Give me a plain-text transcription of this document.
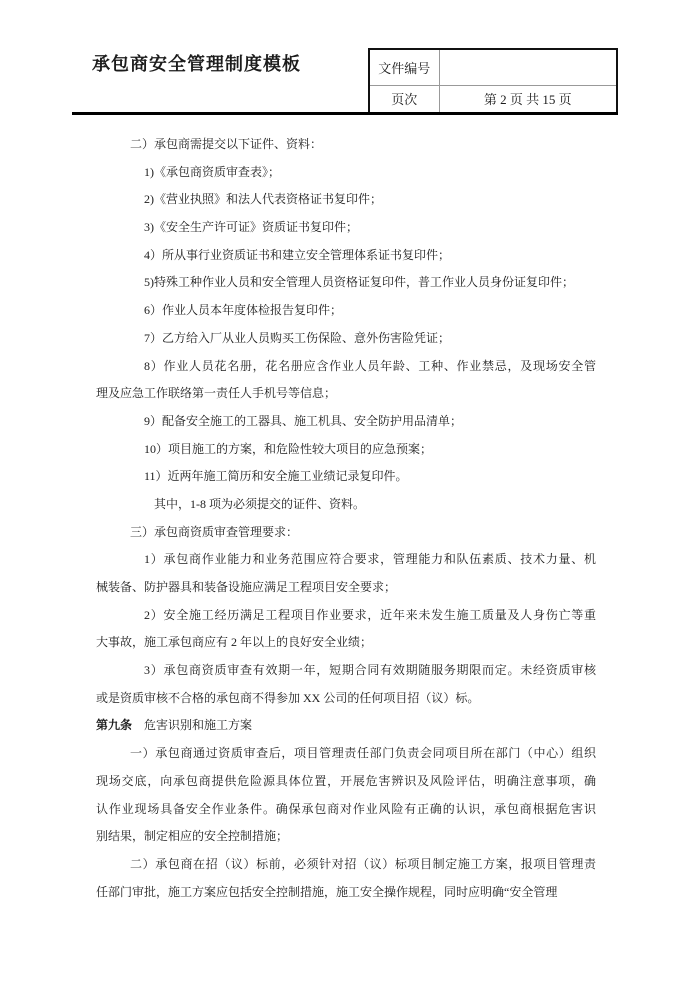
承包商安全管理制度模板	文件编号	
页次	第 2 页 共 15 页
二）承包商需提交以下证件、资料：
1)《承包商资质审查表》；
2)《营业执照》和法人代表资格证书复印件；
3)《安全生产许可证》资质证书复印件；
4）所从事行业资质证书和建立安全管理体系证书复印件；
5)特殊工种作业人员和安全管理人员资格证复印件，普工作业人员身份证复印件；
6）作业人员本年度体检报告复印件；
7）乙方给入厂从业人员购买工伤保险、意外伤害险凭证；
8）作业人员花名册，花名册应含作业人员年龄、工种、作业禁忌，及现场安全管
理及应急工作联络第一责任人手机号等信息；
9）配备安全施工的工器具、施工机具、安全防护用品清单；
10）项目施工的方案，和危险性较大项目的应急预案；
11）近两年施工简历和安全施工业绩记录复印件。
其中，1-8 项为必须提交的证件、资料。
三）承包商资质审查管理要求：
1）承包商作业能力和业务范围应符合要求，管理能力和队伍素质、技术力量、机
械装备、防护器具和装备设施应满足工程项目安全要求；
2）安全施工经历满足工程项目作业要求，近年来未发生施工质量及人身伤亡等重
大事故，施工承包商应有 2 年以上的良好安全业绩；
3）承包商资质审查有效期一年，短期合同有效期随服务期限而定。未经资质审核
或是资质审核不合格的承包商不得参加 XX 公司的任何项目招（议）标。
第九条 危害识别和施工方案
一）承包商通过资质审查后，项目管理责任部门负责会同项目所在部门（中心）组织
现场交底，向承包商提供危险源具体位置，开展危害辨识及风险评估，明确注意事项，确
认作业现场具备安全作业条件。确保承包商对作业风险有正确的认识，承包商根据危害识
别结果，制定相应的安全控制措施；
二）承包商在招（议）标前，必须针对招（议）标项目制定施工方案，报项目管理责
任部门审批，施工方案应包括安全控制措施，施工安全操作规程，同时应明确“安全管理
